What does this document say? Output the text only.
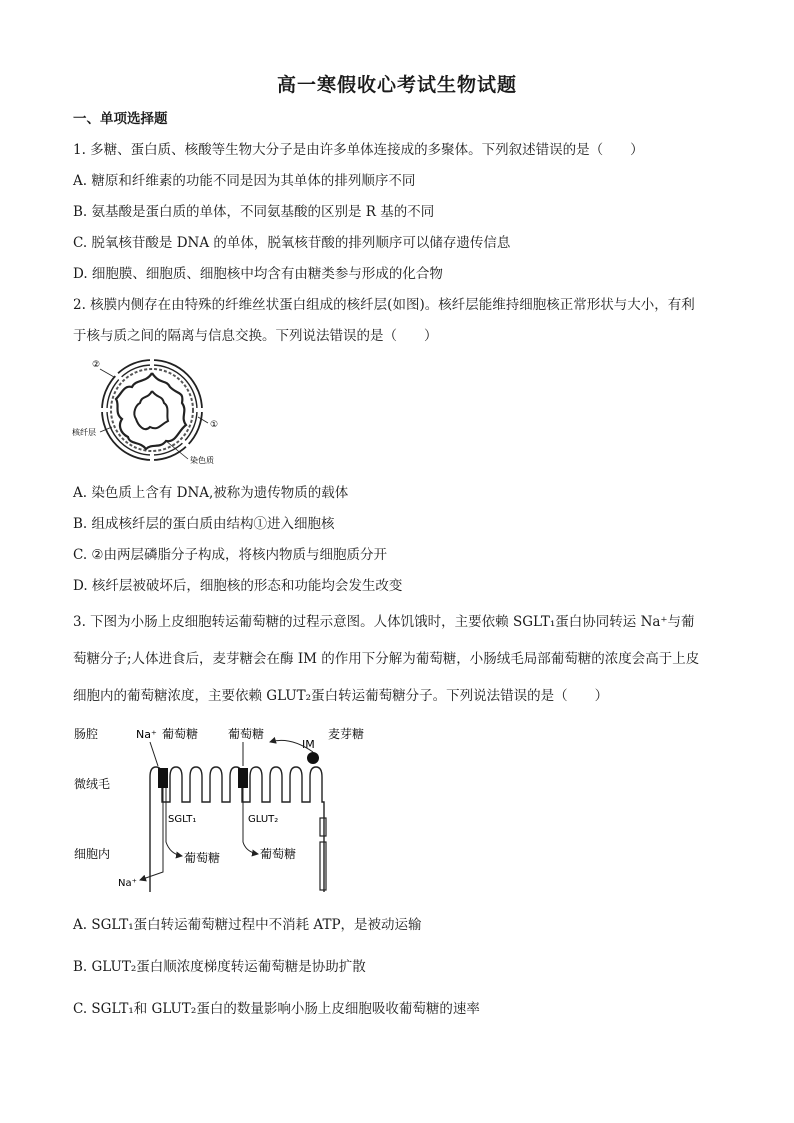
高一寒假收心考试生物试题
一、单项选择题
1. 多糖、蛋白质、核酸等生物大分子是由许多单体连接成的多聚体。下列叙述错误的是（　　）
A. 糖原和纤维素的功能不同是因为其单体的排列顺序不同
B. 氨基酸是蛋白质的单体，不同氨基酸的区别是 R 基的不同
C. 脱氧核苷酸是 DNA 的单体，脱氧核苷酸的排列顺序可以储存遗传信息
D. 细胞膜、细胞质、细胞核中均含有由糖类参与形成的化合物
2. 核膜内侧存在由特殊的纤维丝状蛋白组成的核纤层(如图)。核纤层能维持细胞核正常形状与大小，有利
于核与质之间的隔离与信息交换。下列说法错误的是（　　）
②
①
核纤层
染色质
A. 染色质上含有 DNA,被称为遗传物质的载体
B. 组成核纤层的蛋白质由结构①进入细胞核
C. ②由两层磷脂分子构成，将核内物质与细胞质分开
D. 核纤层被破坏后，细胞核的形态和功能均会发生改变
3. 下图为小肠上皮细胞转运葡萄糖的过程示意图。人体饥饿时，主要依赖 SGLT₁蛋白协同转运 Na⁺与葡
萄糖分子;人体进食后，麦芽糖会在酶 IM 的作用下分解为葡萄糖，小肠绒毛局部葡萄糖的浓度会高于上皮
细胞内的葡萄糖浓度，主要依赖 GLUT₂蛋白转运葡萄糖分子。下列说法错误的是（　　）
肠腔	Na⁺ 葡萄糖 葡萄糖
IM
麦芽糖
微绒毛
细胞内
SGLT₁	GLUT₂
葡萄糖	葡萄糖
Na⁺
A. SGLT₁蛋白转运葡萄糖过程中不消耗 ATP，是被动运输
B. GLUT₂蛋白顺浓度梯度转运葡萄糖是协助扩散
C. SGLT₁和 GLUT₂蛋白的数量影响小肠上皮细胞吸收葡萄糖的速率
